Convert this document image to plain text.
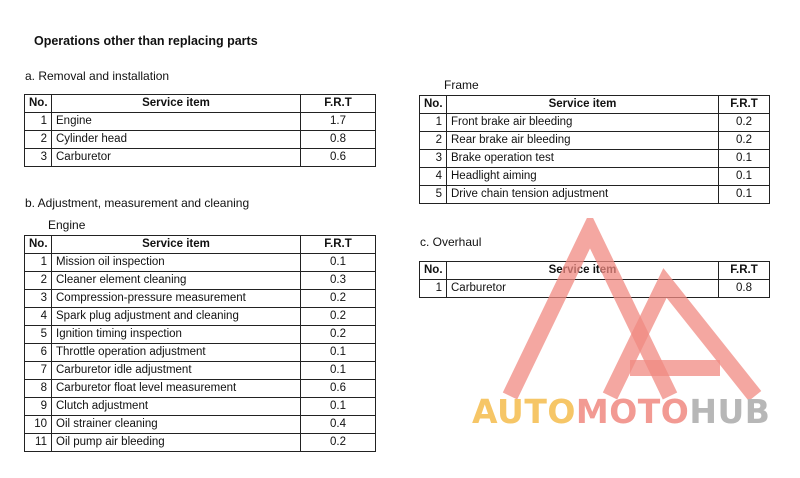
Operations other than replacing parts
a. Removal and installation
No.	Service item	F.R.T
1	Engine	1.7
2	Cylinder head	0.8
3	Carburetor	0.6
b. Adjustment, measurement and cleaning
Engine
No.	Service item	F.R.T
1	Mission oil inspection	0.1
2	Cleaner element cleaning	0.3
3	Compression-pressure measurement	0.2
4	Spark plug adjustment and cleaning	0.2
5	Ignition timing inspection	0.2
6	Throttle operation adjustment	0.1
7	Carburetor idle adjustment	0.1
8	Carburetor float level measurement	0.6
9	Clutch adjustment	0.1
10	Oil strainer cleaning	0.4
11	Oil pump air bleeding	0.2
Frame
No.	Service item	F.R.T
1	Front brake air bleeding	0.2
2	Rear brake air bleeding	0.2
3	Brake operation test	0.1
4	Headlight aiming	0.1
5	Drive chain tension adjustment	0.1
c. Overhaul
No.	Service item	F.R.T
1	Carburetor	0.8
AUTOMOTOHUB
